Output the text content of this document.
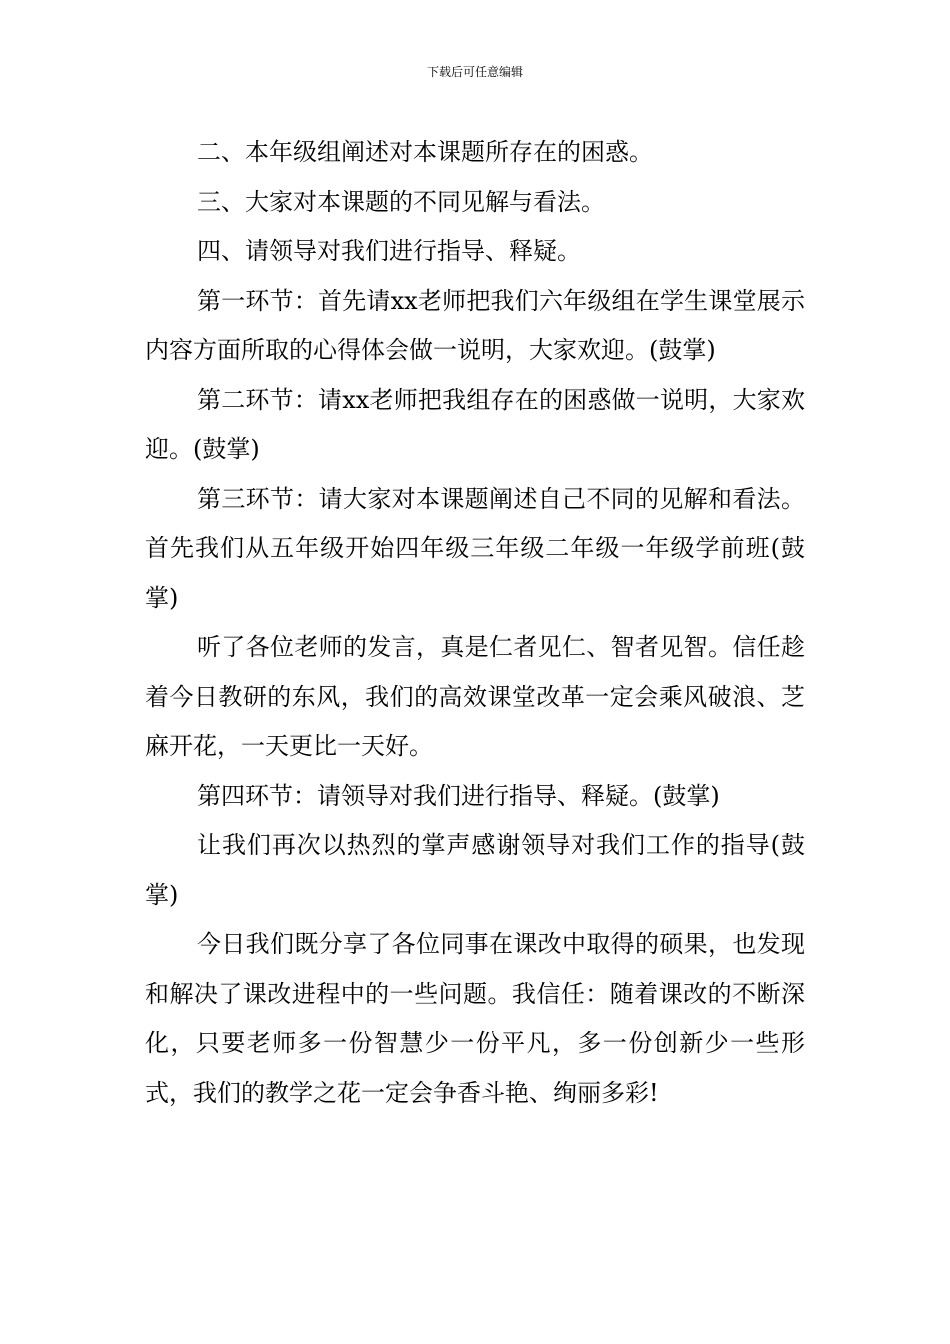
下载后可任意编辑

二、本年级组阐述对本课题所存在的困惑。

三、大家对本课题的不同见解与看法。

四、请领导对我们进行指导、释疑。

第一环节：首先请xx老师把我们六年级组在学生课堂展示内容方面所取的心得体会做一说明，大家欢迎。(鼓掌)

第二环节：请xx老师把我组存在的困惑做一说明，大家欢迎。(鼓掌)

第三环节：请大家对本课题阐述自己不同的见解和看法。首先我们从五年级开始四年级三年级二年级一年级学前班(鼓掌)

听了各位老师的发言，真是仁者见仁、智者见智。信任趁着今日教研的东风，我们的高效课堂改革一定会乘风破浪、芝麻开花，一天更比一天好。

第四环节：请领导对我们进行指导、释疑。(鼓掌)

让我们再次以热烈的掌声感谢领导对我们工作的指导(鼓掌)

今日我们既分享了各位同事在课改中取得的硕果，也发现和解决了课改进程中的一些问题。我信任：随着课改的不断深化，只要老师多一份智慧少一份平凡，多一份创新少一些形式，我们的教学之花一定会争香斗艳、绚丽多彩!
